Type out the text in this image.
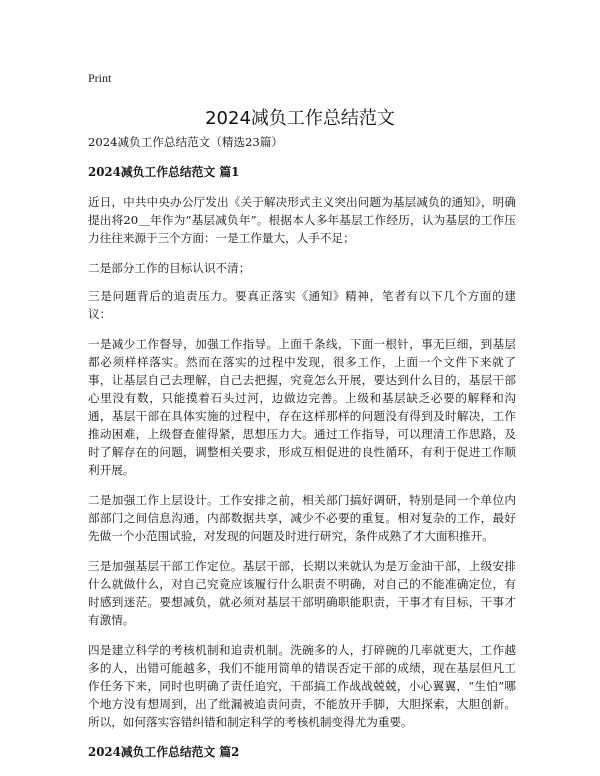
Print
2024减负工作总结范文

2024减负工作总结范文（精选23篇）

2024减负工作总结范文 篇1

近日，中共中央办公厅发出《关于解决形式主义突出问题为基层减负的通知》，明确提出将20＿年作为“基层减负年”。根据本人多年基层工作经历，认为基层的工作压力往往来源于三个方面：一是工作量大，人手不足；

二是部分工作的目标认识不清；

三是问题背后的追责压力。要真正落实《通知》精神，笔者有以下几个方面的建议：

一是减少工作督导，加强工作指导。上面千条线，下面一根针，事无巨细，到基层都必须样样落实。然而在落实的过程中发现，很多工作，上面一个文件下来就了事，让基层自己去理解，自己去把握，究竟怎么开展，要达到什么目的，基层干部心里没有数，只能摸着石头过河，边做边完善。上级和基层缺乏必要的解释和沟通，基层干部在具体实施的过程中，存在这样那样的问题没有得到及时解决，工作推动困难，上级督查催得紧，思想压力大。通过工作指导，可以理清工作思路，及时了解存在的问题，调整相关要求，形成互相促进的良性循环，有利于促进工作顺利开展。

二是加强工作上层设计。工作安排之前，相关部门搞好调研，特别是同一个单位内部部门之间信息沟通，内部数据共享，减少不必要的重复。相对复杂的工作，最好先做一个小范围试验，对发现的问题及时进行研究，条件成熟了才大面积推开。

三是加强基层干部工作定位。基层干部，长期以来就认为是万金油干部，上级安排什么就做什么，对自己究竟应该履行什么职责不明确，对自己的不能准确定位，有时感到迷茫。要想减负，就必须对基层干部明确职能职责，干事才有目标，干事才有激情。

四是建立科学的考核机制和追责机制。洗碗多的人，打碎碗的几率就更大，工作越多的人，出错可能越多，我们不能用简单的错误否定干部的成绩，现在基层但凡工作任务下来，同时也明确了责任追究，干部搞工作战战兢兢，小心翼翼，“生怕”哪个地方没有想周到，出了纰漏被追责问责，不能放开手脚，大胆探索，大胆创新。所以，如何落实容错纠错和制定科学的考核机制变得尤为重要。

2024减负工作总结范文 篇2
